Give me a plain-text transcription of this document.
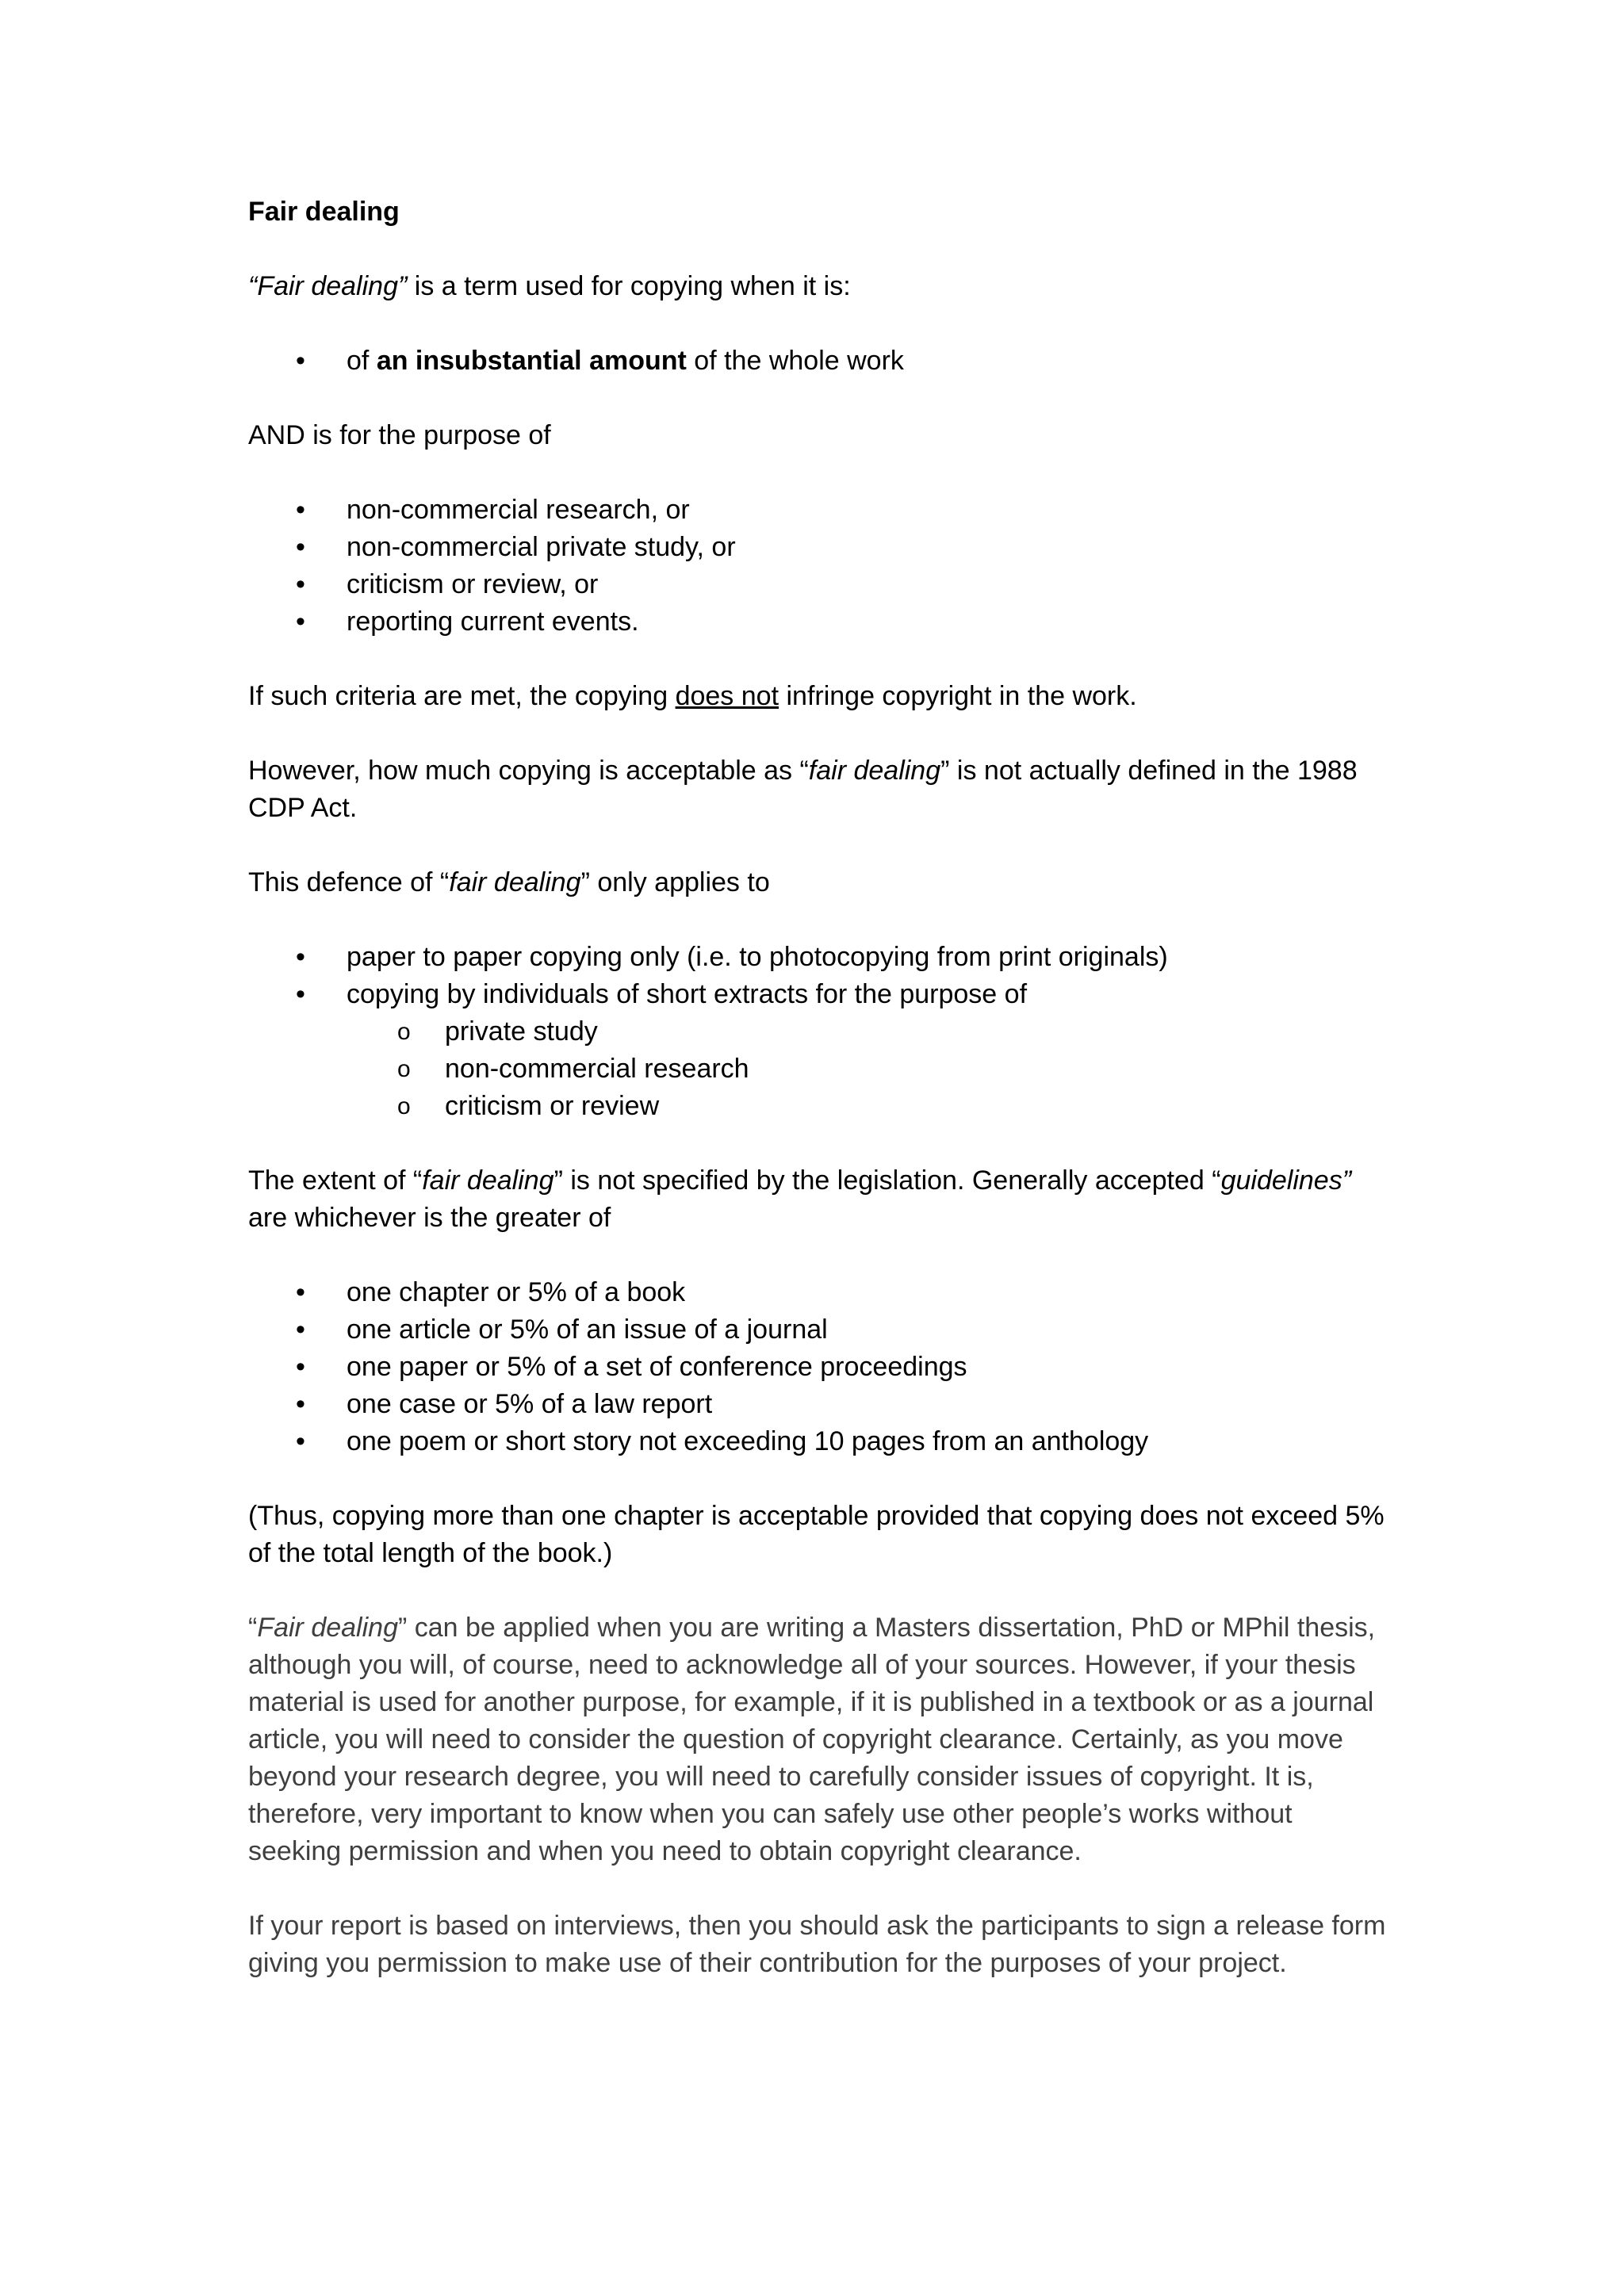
Fair dealing

“Fair dealing” is a term used for copying when it is:

• of an insubstantial amount of the whole work

AND is for the purpose of

• non-commercial research, or
• non-commercial private study, or
• criticism or review, or
• reporting current events.

If such criteria are met, the copying does not infringe copyright in the work.

However, how much copying is acceptable as “fair dealing” is not actually defined in the 1988 CDP Act.

This defence of “fair dealing” only applies to

• paper to paper copying only (i.e. to photocopying from print originals)
• copying by individuals of short extracts for the purpose of
o private study
o non-commercial research
o criticism or review

The extent of “fair dealing” is not specified by the legislation. Generally accepted “guidelines” are whichever is the greater of

• one chapter or 5% of a book
• one article or 5% of an issue of a journal
• one paper or 5% of a set of conference proceedings
• one case or 5% of a law report
• one poem or short story not exceeding 10 pages from an anthology

(Thus, copying more than one chapter is acceptable provided that copying does not exceed 5% of the total length of the book.)

“Fair dealing” can be applied when you are writing a Masters dissertation, PhD or MPhil thesis, although you will, of course, need to acknowledge all of your sources. However, if your thesis material is used for another purpose, for example, if it is published in a textbook or as a journal article, you will need to consider the question of copyright clearance. Certainly, as you move beyond your research degree, you will need to carefully consider issues of copyright. It is, therefore, very important to know when you can safely use other people’s works without seeking permission and when you need to obtain copyright clearance.

If your report is based on interviews, then you should ask the participants to sign a release form giving you permission to make use of their contribution for the purposes of your project.
